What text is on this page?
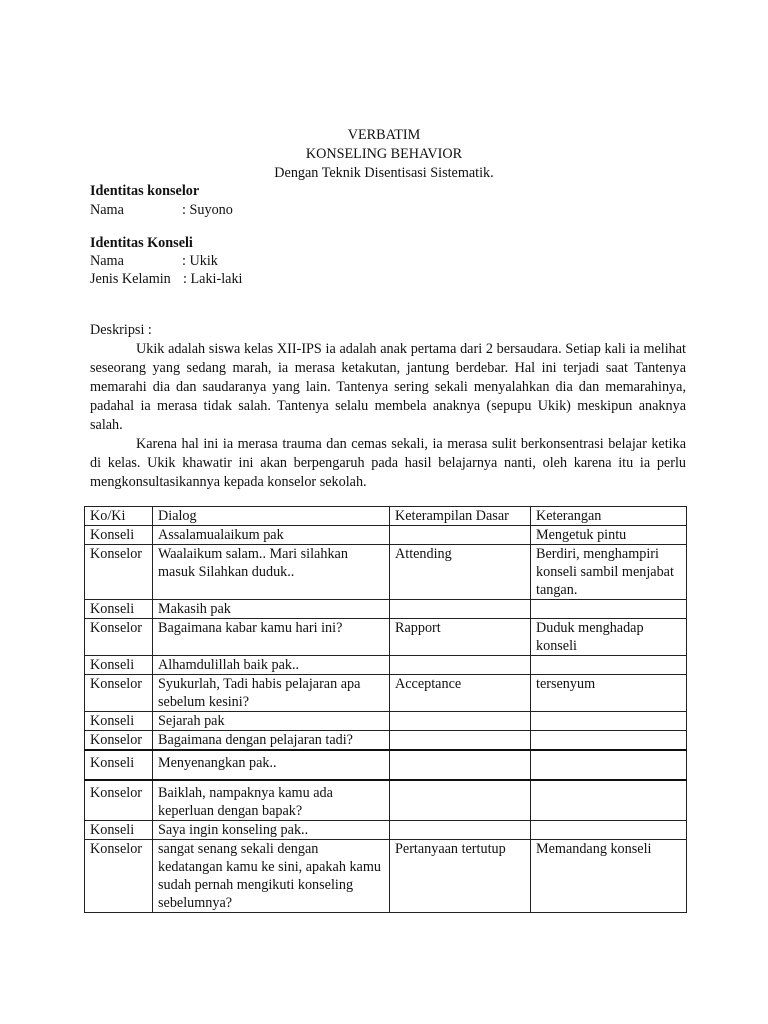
VERBATIM
KONSELING BEHAVIOR
Dengan Teknik Disentisasi Sistematik.
Identitas konselor
Nama	: Suyono
Identitas Konseli
Nama	: Ukik
Jenis Kelamin : Laki-laki
Deskripsi :

Ukik adalah siswa kelas XII-IPS ia adalah anak pertama dari 2 bersaudara. Setiap kali ia melihat seseorang yang sedang marah, ia merasa ketakutan, jantung berdebar. Hal ini terjadi saat Tantenya memarahi dia dan saudaranya yang lain. Tantenya sering sekali menyalahkan dia dan memarahinya, padahal ia merasa tidak salah. Tantenya selalu membela anaknya (sepupu Ukik) meskipun anaknya salah.

Karena hal ini ia merasa trauma dan cemas sekali, ia merasa sulit berkonsentrasi belajar ketika di kelas. Ukik khawatir ini akan berpengaruh pada hasil belajarnya nanti, oleh karena itu ia perlu mengkonsultasikannya kepada konselor sekolah.

Ko/Ki	Dialog	Keterampilan Dasar	Keterangan
Konseli	Assalamualaikum pak		Mengetuk pintu
Konselor	Waalaikum salam.. Mari silahkan masuk Silahkan duduk..	Attending	Berdiri, menghampiri konseli sambil menjabat tangan.
Konseli	Makasih pak		
Konselor	Bagaimana kabar kamu hari ini?	Rapport	Duduk menghadap konseli
Konseli	Alhamdulillah baik pak..		
Konselor	Syukurlah, Tadi habis pelajaran apa sebelum kesini?	Acceptance	tersenyum
Konseli	Sejarah pak		
Konselor	Bagaimana dengan pelajaran tadi?		
Konseli	Menyenangkan pak..		
Konselor	Baiklah, nampaknya kamu ada keperluan dengan bapak?		
Konseli	Saya ingin konseling pak..		
Konselor	sangat senang sekali dengan kedatangan kamu ke sini, apakah kamu sudah pernah mengikuti konseling sebelumnya?	Pertanyaan tertutup	Memandang konseli
